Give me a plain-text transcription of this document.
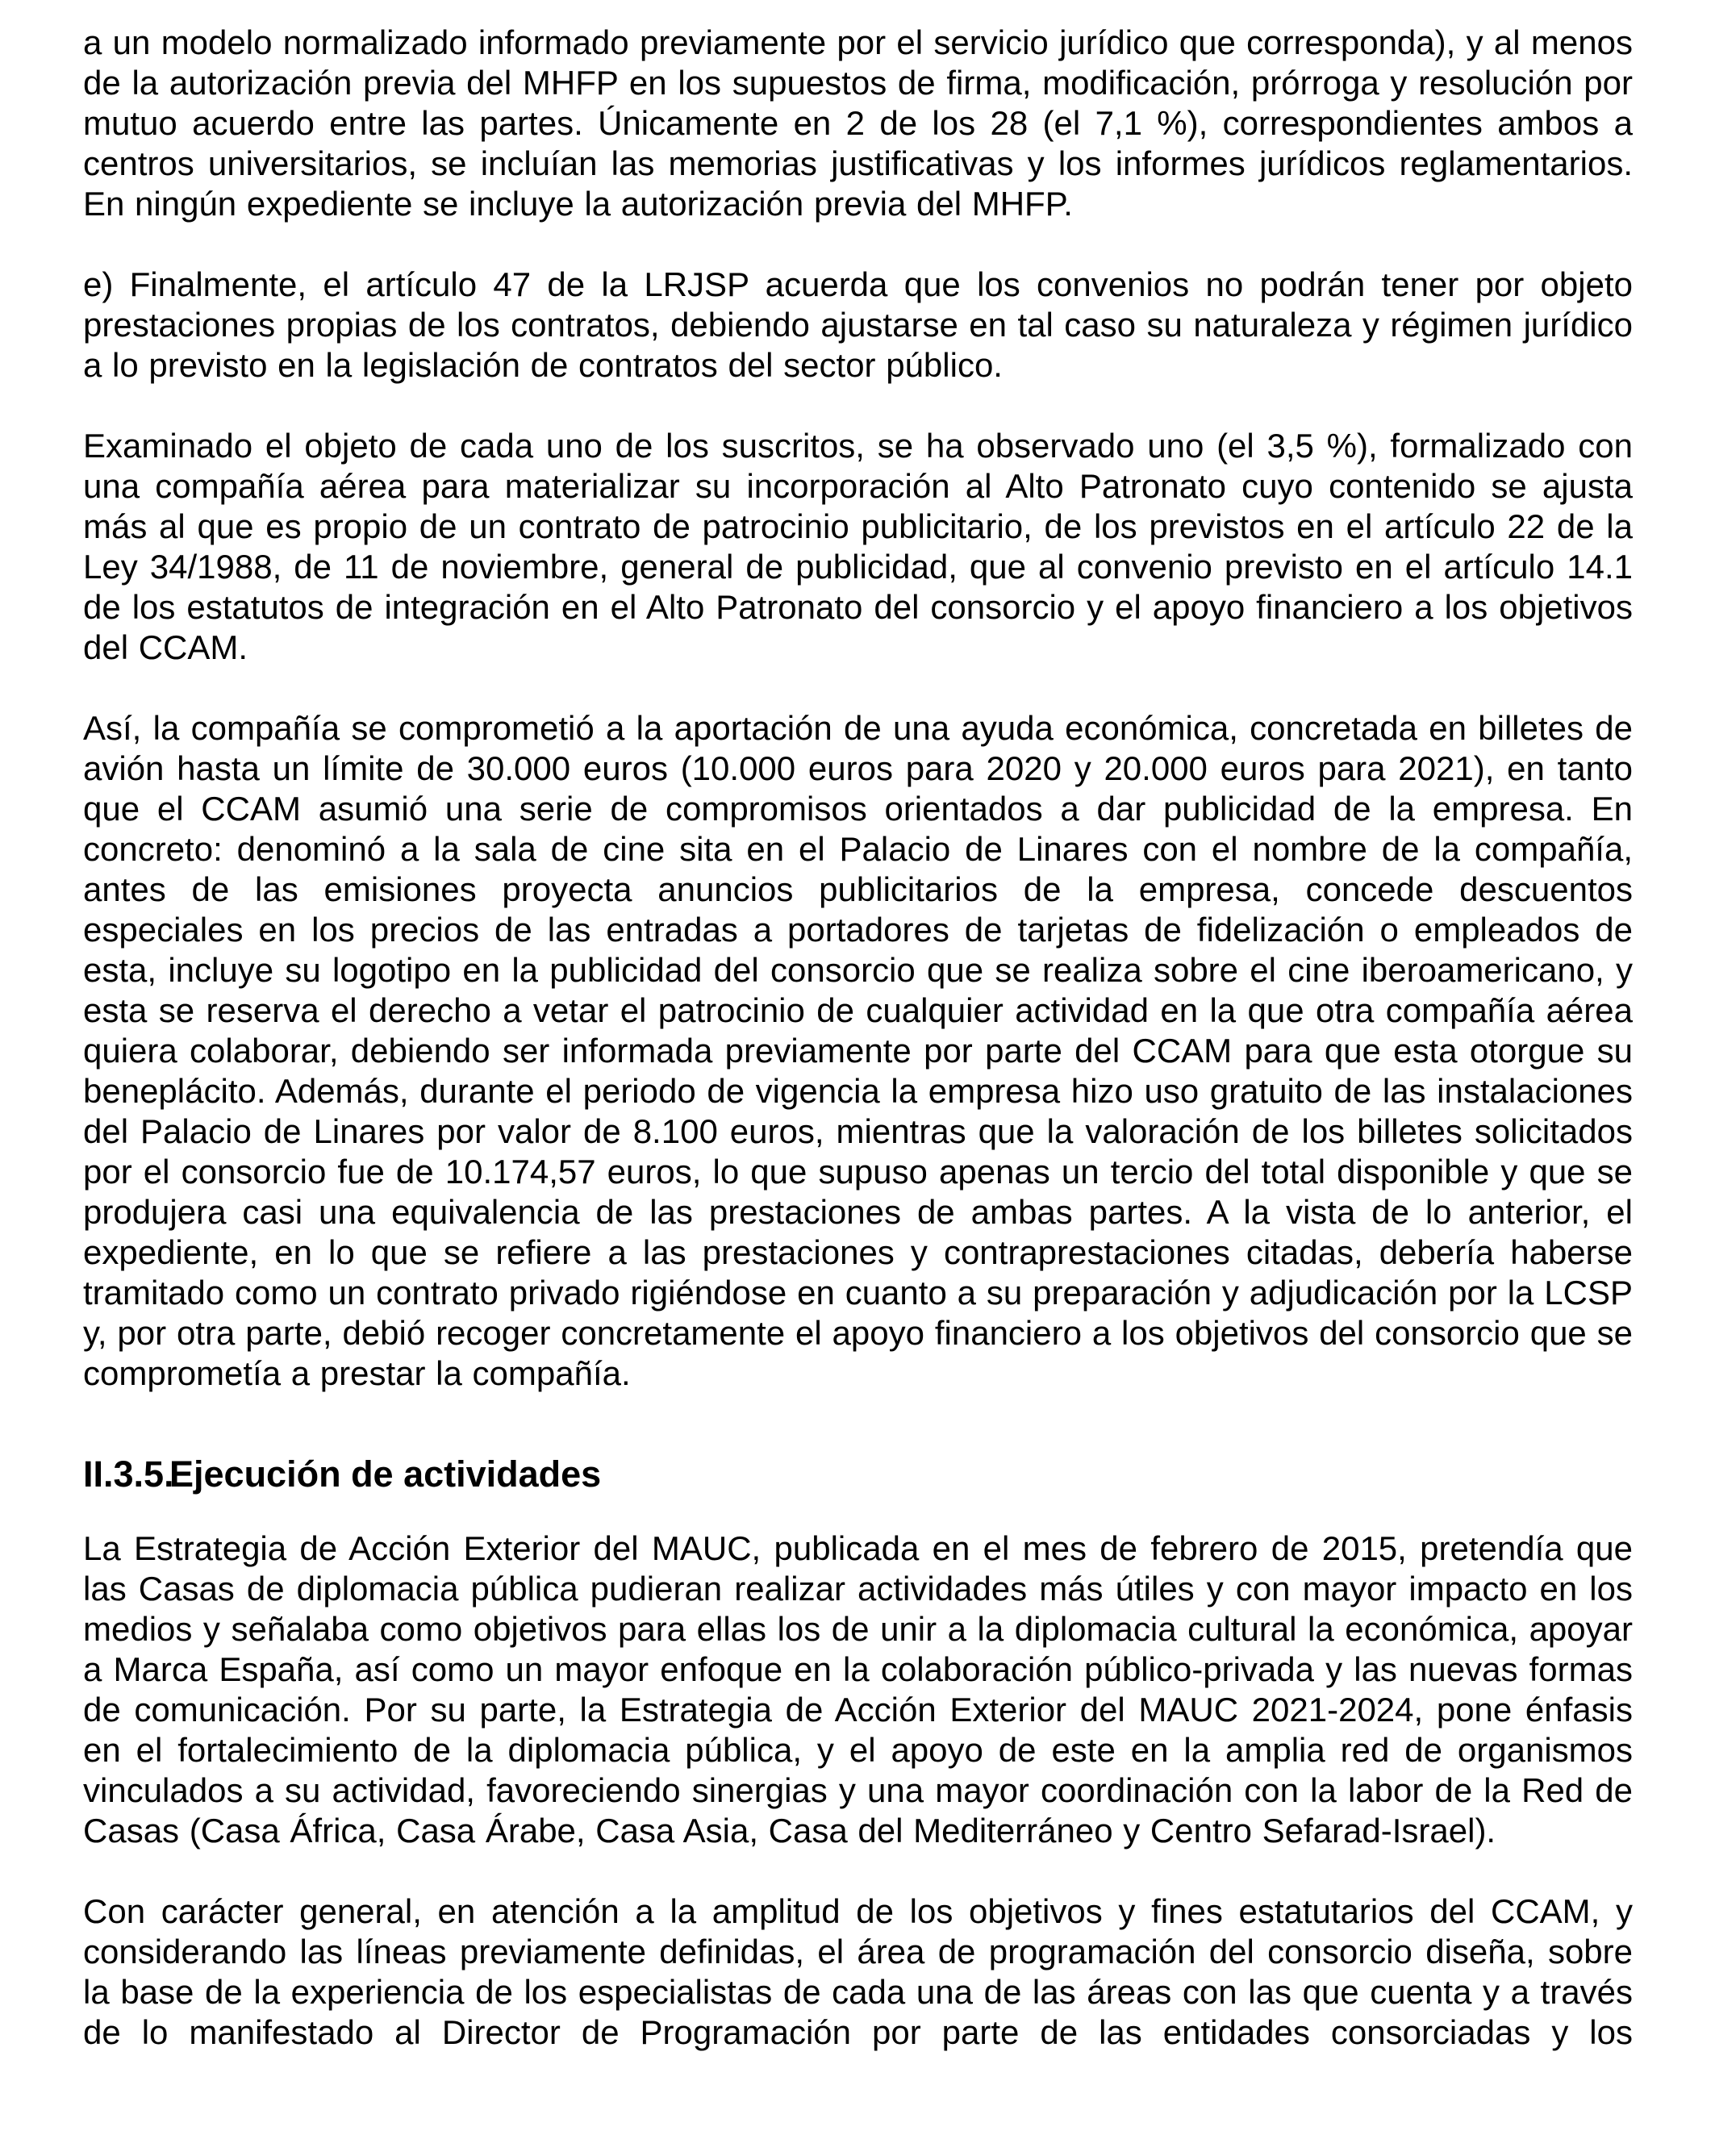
a un modelo normalizado informado previamente por el servicio jurídico que corresponda), y al menos de la autorización previa del MHFP en los supuestos de firma, modificación, prórroga y resolución por mutuo acuerdo entre las partes. Únicamente en 2 de los 28 (el 7,1 %), correspondientes ambos a centros universitarios, se incluían las memorias justificativas y los informes jurídicos reglamentarios. En ningún expediente se incluye la autorización previa del MHFP.

e) Finalmente, el artículo 47 de la LRJSP acuerda que los convenios no podrán tener por objeto prestaciones propias de los contratos, debiendo ajustarse en tal caso su naturaleza y régimen jurídico a lo previsto en la legislación de contratos del sector público.

Examinado el objeto de cada uno de los suscritos, se ha observado uno (el 3,5 %), formalizado con una compañía aérea para materializar su incorporación al Alto Patronato cuyo contenido se ajusta más al que es propio de un contrato de patrocinio publicitario, de los previstos en el artículo 22 de la Ley 34/1988, de 11 de noviembre, general de publicidad, que al convenio previsto en el artículo 14.1 de los estatutos de integración en el Alto Patronato del consorcio y el apoyo financiero a los objetivos del CCAM.

Así, la compañía se comprometió a la aportación de una ayuda económica, concretada en billetes de avión hasta un límite de 30.000 euros (10.000 euros para 2020 y 20.000 euros para 2021), en tanto que el CCAM asumió una serie de compromisos orientados a dar publicidad de la empresa. En concreto: denominó a la sala de cine sita en el Palacio de Linares con el nombre de la compañía, antes de las emisiones proyecta anuncios publicitarios de la empresa, concede descuentos especiales en los precios de las entradas a portadores de tarjetas de fidelización o empleados de esta, incluye su logotipo en la publicidad del consorcio que se realiza sobre el cine iberoamericano, y esta se reserva el derecho a vetar el patrocinio de cualquier actividad en la que otra compañía aérea quiera colaborar, debiendo ser informada previamente por parte del CCAM para que esta otorgue su beneplácito. Además, durante el periodo de vigencia la empresa hizo uso gratuito de las instalaciones del Palacio de Linares por valor de 8.100 euros, mientras que la valoración de los billetes solicitados por el consorcio fue de 10.174,57 euros, lo que supuso apenas un tercio del total disponible y que se produjera casi una equivalencia de las prestaciones de ambas partes. A la vista de lo anterior, el expediente, en lo que se refiere a las prestaciones y contraprestaciones citadas, debería haberse tramitado como un contrato privado rigiéndose en cuanto a su preparación y adjudicación por la LCSP y, por otra parte, debió recoger concretamente el apoyo financiero a los objetivos del consorcio que se comprometía a prestar la compañía.

II.3.5.Ejecución de actividades

La Estrategia de Acción Exterior del MAUC, publicada en el mes de febrero de 2015, pretendía que las Casas de diplomacia pública pudieran realizar actividades más útiles y con mayor impacto en los medios y señalaba como objetivos para ellas los de unir a la diplomacia cultural la económica, apoyar a Marca España, así como un mayor enfoque en la colaboración público-privada y las nuevas formas de comunicación. Por su parte, la Estrategia de Acción Exterior del MAUC 2021-2024, pone énfasis en el fortalecimiento de la diplomacia pública, y el apoyo de este en la amplia red de organismos vinculados a su actividad, favoreciendo sinergias y una mayor coordinación con la labor de la Red de Casas (Casa África, Casa Árabe, Casa Asia, Casa del Mediterráneo y Centro Sefarad-Israel).

Con carácter general, en atención a la amplitud de los objetivos y fines estatutarios del CCAM, y considerando las líneas previamente definidas, el área de programación del consorcio diseña, sobre la base de la experiencia de los especialistas de cada una de las áreas con las que cuenta y a través de lo manifestado al Director de Programación por parte de las entidades consorciadas y los
